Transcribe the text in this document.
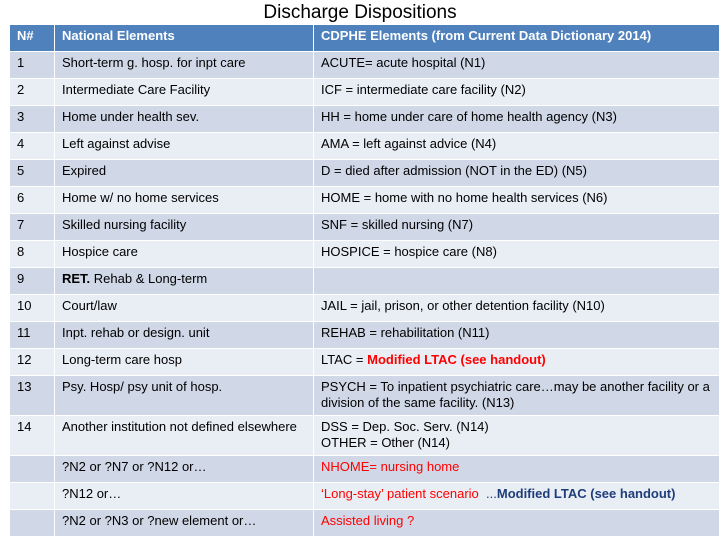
Discharge Dispositions
N#	National Elements	CDPHE Elements (from Current Data Dictionary 2014)
1	Short-term g. hosp. for inpt care	ACUTE= acute hospital (N1)
2	Intermediate Care Facility	ICF = intermediate care facility (N2)
3	Home under health sev.	HH = home under care of home health agency (N3)
4	Left against advise	AMA = left against advice (N4)
5	Expired	D = died after admission (NOT in the ED) (N5)
6	Home w/ no home services	HOME = home with no home health services (N6)
7	Skilled nursing facility	SNF = skilled nursing (N7)
8	Hospice care	HOSPICE = hospice care (N8)
9	RET. Rehab & Long-term	
10	Court/law	JAIL = jail, prison, or other detention facility (N10)
11	Inpt. rehab or design. unit	REHAB = rehabilitation (N11)
12	Long-term care hosp	LTAC = Modified LTAC (see handout)
13	Psy. Hosp/ psy unit of hosp.	PSYCH = To inpatient psychiatric care…may be another facility or a division of the same facility. (N13)
14	Another institution not defined elsewhere	DSS = Dep. Soc. Serv. (N14)
OTHER = Other (N14)

	?N2 or ?N7 or ?N12 or…	NHOME= nursing home
	?N12 or…	‘Long-stay’ patient scenario ...Modified LTAC (see handout)
	?N2 or ?N3 or ?new element or…	Assisted living ?
